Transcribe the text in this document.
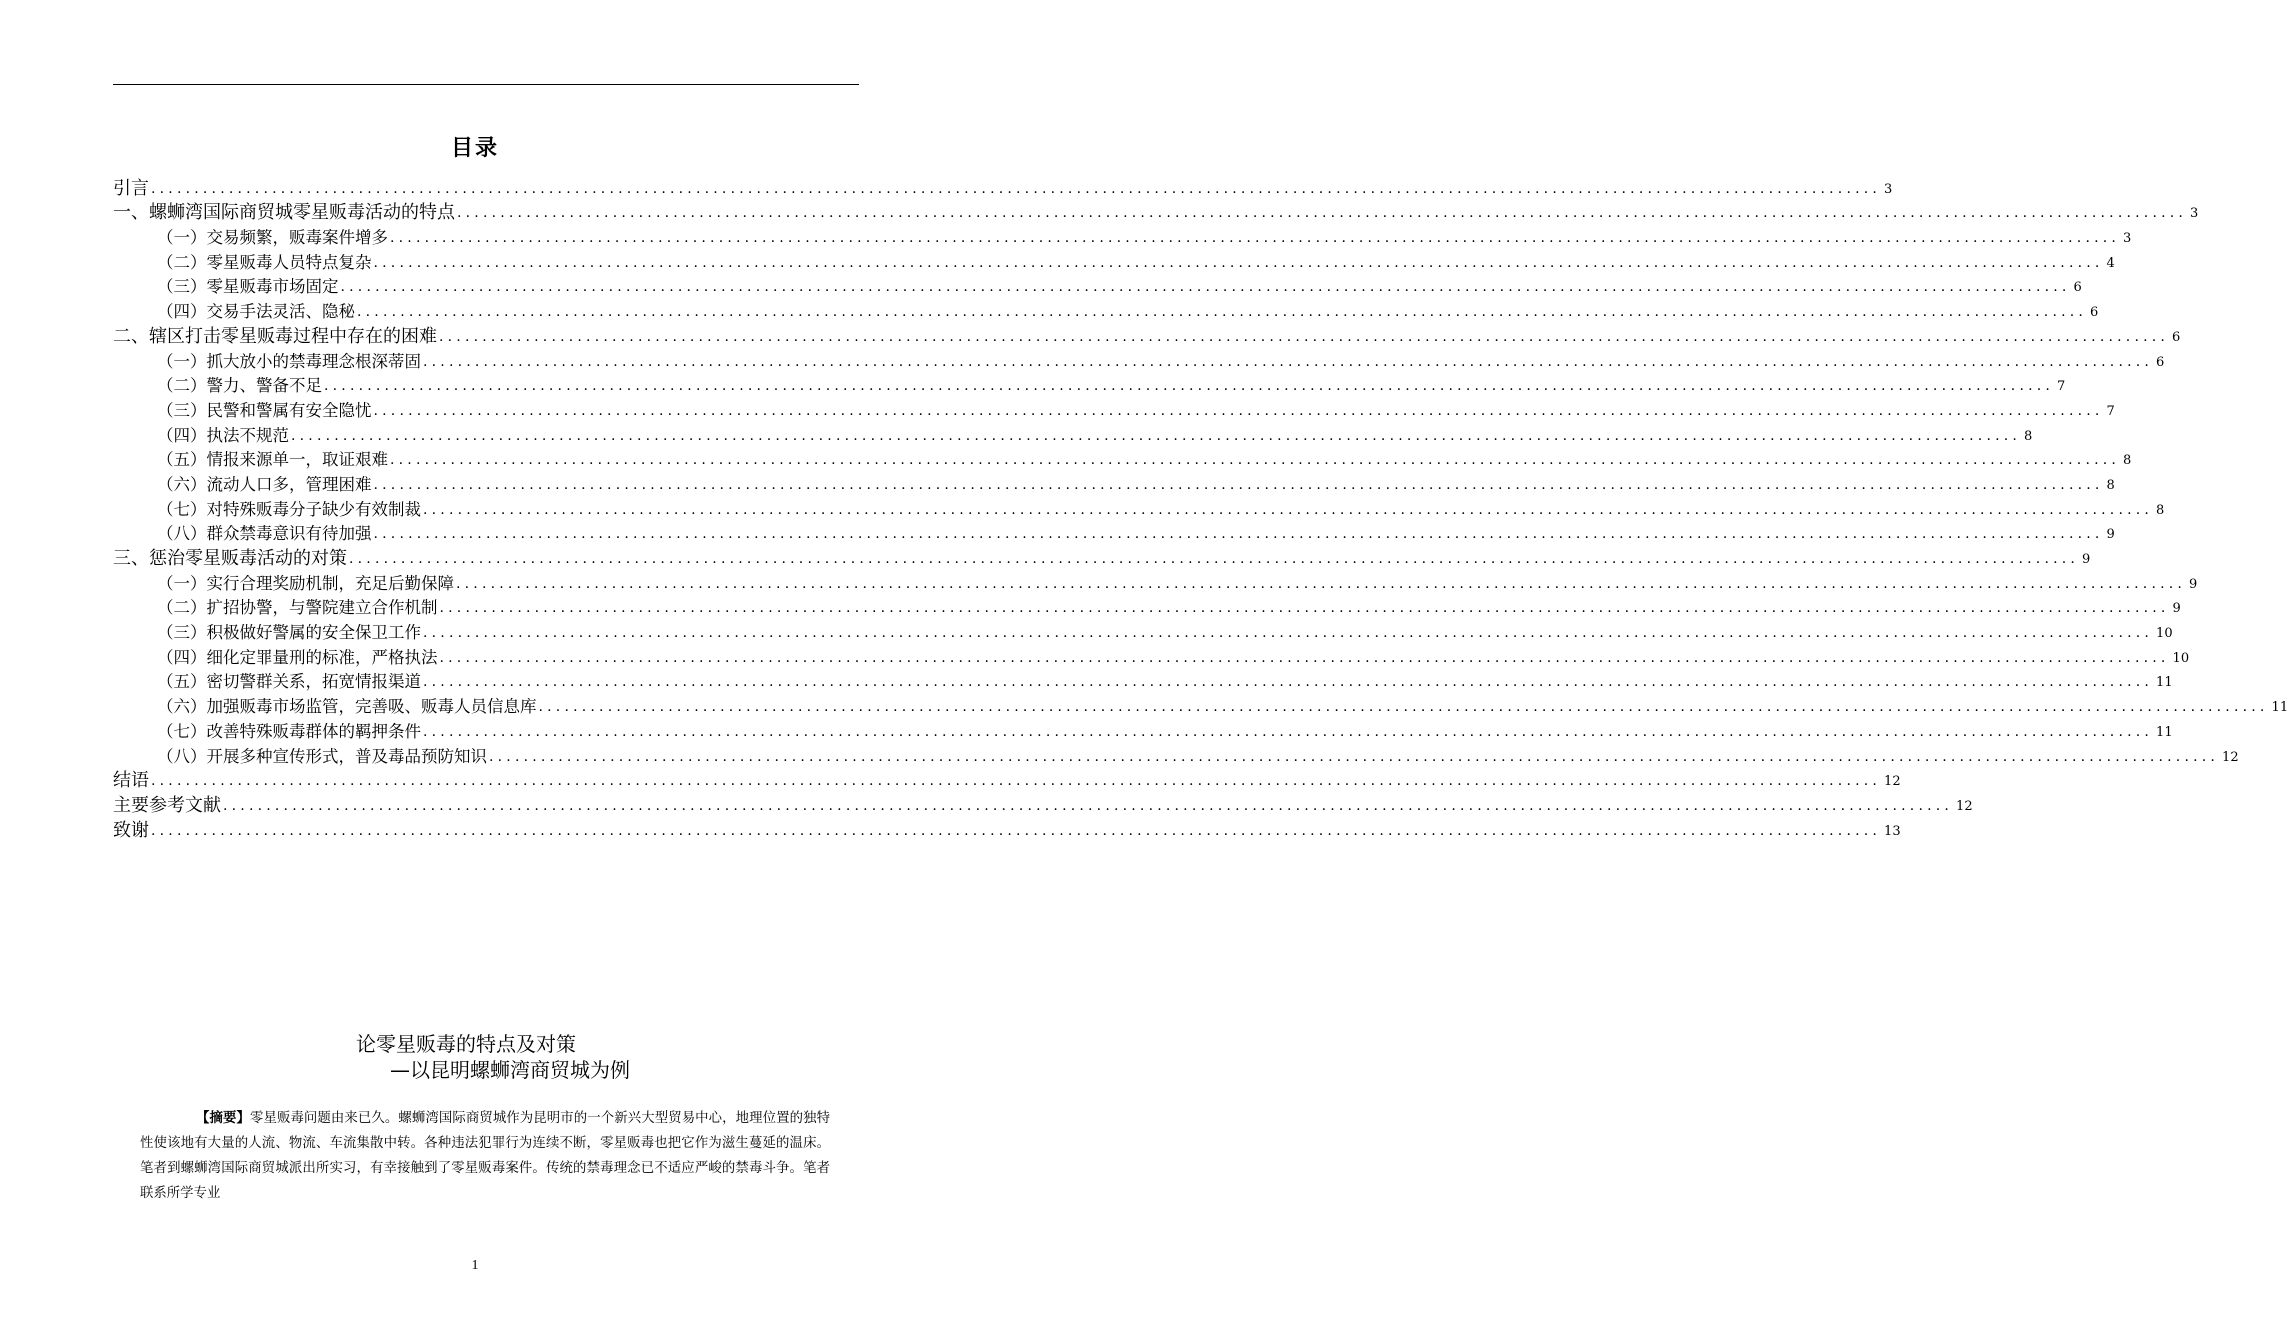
目录
引言 ........................................................................................................................................................................................................ 3
一、螺蛳湾国际商贸城零星贩毒活动的特点 ........................................................................................................................................................................................................ 3
（一）交易频繁，贩毒案件增多 ........................................................................................................................................................................................................ 3
（二）零星贩毒人员特点复杂 ........................................................................................................................................................................................................ 4
（三）零星贩毒市场固定 ........................................................................................................................................................................................................ 6
（四）交易手法灵活、隐秘 ........................................................................................................................................................................................................ 6
二、辖区打击零星贩毒过程中存在的困难 ........................................................................................................................................................................................................ 6
（一）抓大放小的禁毒理念根深蒂固 ........................................................................................................................................................................................................ 6
（二）警力、警备不足 ........................................................................................................................................................................................................ 7
（三）民警和警属有安全隐忧 ........................................................................................................................................................................................................ 7
（四）执法不规范 ........................................................................................................................................................................................................ 8
（五）情报来源单一，取证艰难 ........................................................................................................................................................................................................ 8
（六）流动人口多，管理困难 ........................................................................................................................................................................................................ 8
（七）对特殊贩毒分子缺少有效制裁 ........................................................................................................................................................................................................ 8
（八）群众禁毒意识有待加强 ........................................................................................................................................................................................................ 9
三、惩治零星贩毒活动的对策 ........................................................................................................................................................................................................ 9
（一）实行合理奖励机制，充足后勤保障 ........................................................................................................................................................................................................ 9
（二）扩招协警，与警院建立合作机制 ........................................................................................................................................................................................................ 9
（三）积极做好警属的安全保卫工作 ........................................................................................................................................................................................................ 10
（四）细化定罪量刑的标准，严格执法 ........................................................................................................................................................................................................ 10
（五）密切警群关系，拓宽情报渠道 ........................................................................................................................................................................................................ 11
（六）加强贩毒市场监管，完善吸、贩毒人员信息库 ........................................................................................................................................................................................................ 11
（七）改善特殊贩毒群体的羁押条件 ........................................................................................................................................................................................................ 11
（八）开展多种宣传形式，普及毒品预防知识 ........................................................................................................................................................................................................ 12
结语 ........................................................................................................................................................................................................ 12
主要参考文献 ........................................................................................................................................................................................................ 12
致谢 ........................................................................................................................................................................................................ 13
论零星贩毒的特点及对策
—以昆明螺蛳湾商贸城为例

【摘要】零星贩毒问题由来已久。螺蛳湾国际商贸城作为昆明市的一个新兴大型贸易中心，地理位置的独特性使该地有大量的人流、物流、车流集散中转。各种违法犯罪行为连续不断，零星贩毒也把它作为滋生蔓延的温床。笔者到螺蛳湾国际商贸城派出所实习，有幸接触到了零星贩毒案件。传统的禁毒理念已不适应严峻的禁毒斗争。笔者联系所学专业

1
